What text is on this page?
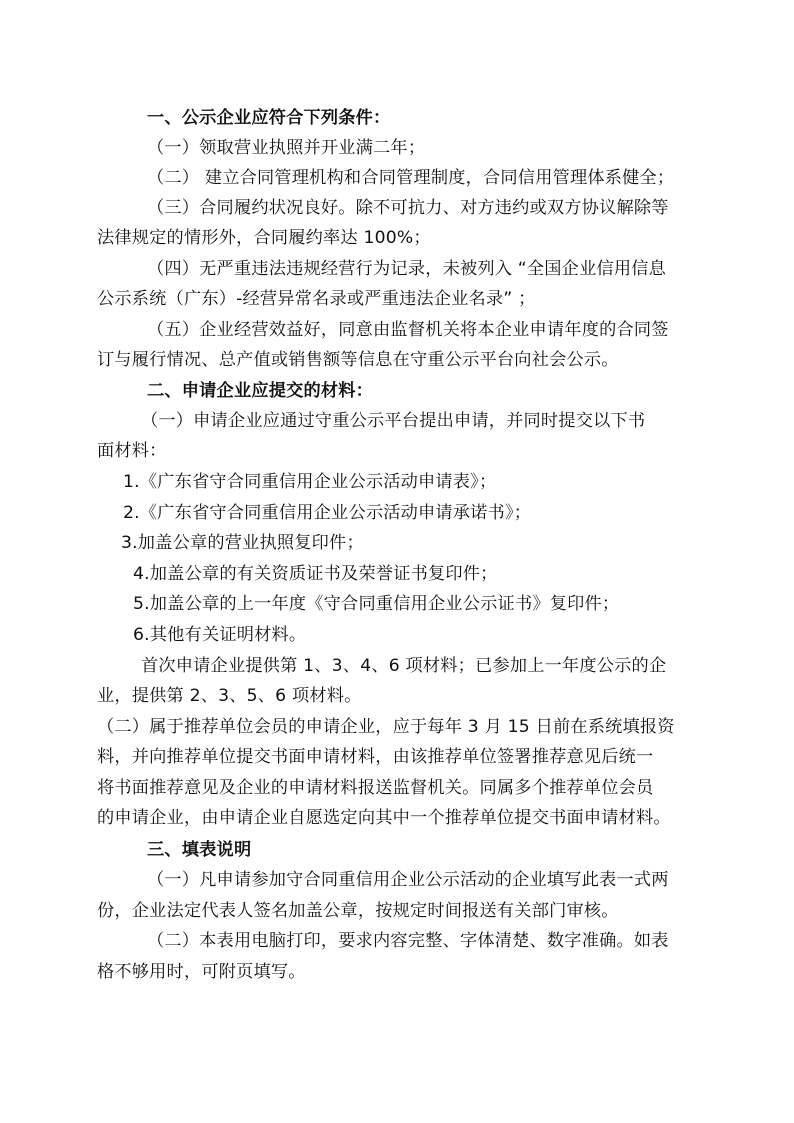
一、公示企业应符合下列条件：
（一）领取营业执照并开业满二年；
（二） 建立合同管理机构和合同管理制度，合同信用管理体系健全；
（三）合同履约状况良好。除不可抗力、对方违约或双方协议解除等
法律规定的情形外，合同履约率达 100%；
（四）无严重违法违规经营行为记录，未被列入 “全国企业信用信息
公示系统（广东）-经营异常名录或严重违法企业名录” ；
（五）企业经营效益好，同意由监督机关将本企业申请年度的合同签
订与履行情况、总产值或销售额等信息在守重公示平台向社会公示。
二、申请企业应提交的材料：
（一）申请企业应通过守重公示平台提出申请，并同时提交以下书
面材料：
1.《广东省守合同重信用企业公示活动申请表》；
2.《广东省守合同重信用企业公示活动申请承诺书》；
3.加盖公章的营业执照复印件；
4.加盖公章的有关资质证书及荣誉证书复印件；
5.加盖公章的上一年度《守合同重信用企业公示证书》复印件；
6.其他有关证明材料。
首次申请企业提供第 1、3、4、6 项材料；已参加上一年度公示的企
业，提供第 2、3、5、6 项材料。
（二）属于推荐单位会员的申请企业，应于每年 3 月 15 日前在系统填报资
料，并向推荐单位提交书面申请材料，由该推荐单位签署推荐意见后统一
将书面推荐意见及企业的申请材料报送监督机关。同属多个推荐单位会员
的申请企业，由申请企业自愿选定向其中一个推荐单位提交书面申请材料。
三、填表说明
（一）凡申请参加守合同重信用企业公示活动的企业填写此表一式两
份，企业法定代表人签名加盖公章，按规定时间报送有关部门审核。
（二）本表用电脑打印，要求内容完整、字体清楚、数字准确。如表
格不够用时，可附页填写。
